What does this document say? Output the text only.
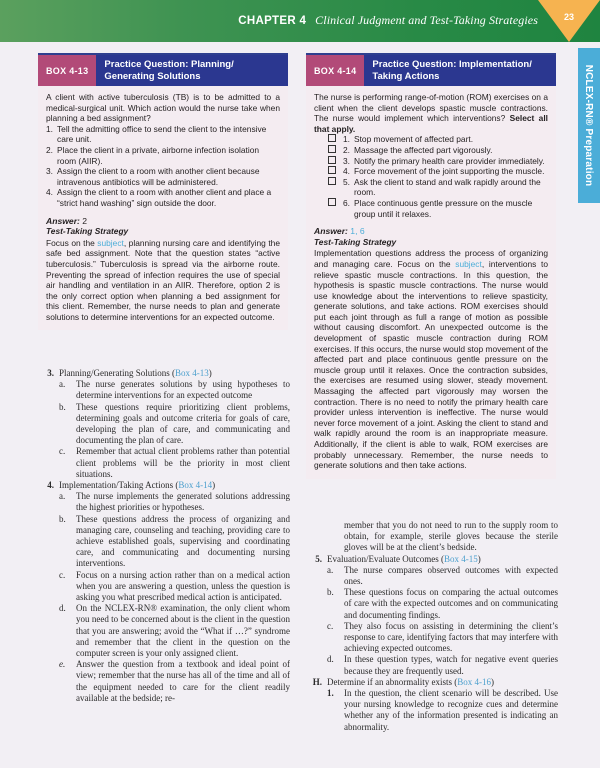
CHAPTER 4 Clinical Judgment and Test-Taking Strategies	23
NCLEX-RN® Preparation
BOX 4-13
Practice Question: Planning/ Generating Solutions

A client with active tuberculosis (TB) is to be admitted to a medical-surgical unit. Which action would the nurse take when planning a bed assignment?

1. Tell the admitting office to send the client to the intensive care unit.
2. Place the client in a private, airborne infection isolation room (AIIR).
3. Assign the client to a room with another client because intravenous antibiotics will be administered.
4. Assign the client to a room with another client and place a “strict hand washing” sign outside the door.
Answer: 2
Test-Taking Strategy

Focus on the subject, planning nursing care and identifying the safe bed assignment. Note that the question states “active tuberculosis.” Tuberculosis is spread via the airborne route. Preventing the spread of infection requires the use of special air handling and ventilation in an AIIR. Therefore, option 2 is the only correct option when planning a bed assignment for this client. Remember, the nurse needs to plan and generate solutions to determine interventions for an expected outcome.

BOX 4-14
Practice Question: Implementation/ Taking Actions

The nurse is performing range-of-motion (ROM) exercises on a client when the client develops spastic muscle contractions. The nurse would implement which interventions? Select all that apply.

1. Stop movement of affected part.
2. Massage the affected part vigorously.
3. Notify the primary health care provider immediately.
4. Force movement of the joint supporting the muscle.
5. Ask the client to stand and walk rapidly around the room.
6. Place continuous gentle pressure on the muscle group until it relaxes.
Answer: 1, 6
Test-Taking Strategy

Implementation questions address the process of organizing and managing care. Focus on the subject, interventions to relieve spastic muscle contractions. In this question, the hypothesis is spastic muscle contractions. The nurse would use knowledge about the interventions to relieve spasticity, generate solutions, and take actions. ROM exercises should put each joint through as full a range of motion as possible without causing discomfort. An unexpected outcome is the development of spastic muscle contraction during ROM exercises. If this occurs, the nurse would stop movement of the affected part and place continuous gentle pressure on the muscle group until it relaxes. Once the contraction subsides, the exercises are resumed using slower, steady movement. Massaging the affected part vigorously may worsen the contraction. There is no need to notify the primary health care provider unless intervention is ineffective. The nurse would never force movement of a joint. Asking the client to stand and walk rapidly around the room is an inappropriate measure. Additionally, if the client is able to walk, ROM exercises are probably unnecessary. Remember, the nurse needs to generate solutions and then take actions.

3. Planning/Generating Solutions (Box 4-13)
a.	The nurse generates solutions by using hypotheses to determine interventions for an expected outcome
b.	These questions require prioritizing client problems, determining goals and outcome criteria for goals of care, developing the plan of care, and communicating and documenting the plan of care.
c.	Remember that actual client problems rather than potential client problems will be the priority in most client situations.
4. Implementation/Taking Actions (Box 4-14)
a.	The nurse implements the generated solutions addressing the highest priorities or hypotheses.
b.	These questions address the process of organizing and managing care, counseling and teaching, providing care to achieve established goals, supervising and coordinating care, and communicating and documenting nursing interventions.
c.	Focus on a nursing action rather than on a medical action when you are answering a question, unless the question is asking you what prescribed medical action is anticipated.
d.	On the NCLEX-RN® examination, the only client whom you need to be concerned about is the client in the question that you are answering; avoid the “What if …?” syndrome and remember that the client in the question on the computer screen is your only assigned client.
e.	Answer the question from a textbook and ideal point of view; remember that the nurse has all of the time and all of the equipment needed to care for the client readily available at the bedside; re-
member that you do not need to run to the supply room to obtain, for example, sterile gloves because the sterile gloves will be at the client’s bedside.
5. Evaluation/Evaluate Outcomes (Box 4-15)
a.	The nurse compares observed outcomes with expected ones.
b.	These questions focus on comparing the actual outcomes of care with the expected outcomes and on communicating and documenting findings.
c.	They also focus on assisting in determining the client’s response to care, identifying factors that may interfere with achieving expected outcomes.
d.	In these question types, watch for negative event queries because they are frequently used.
H. Determine if an abnormality exists (Box 4-16)
1.	In the question, the client scenario will be described. Use your nursing knowledge to recognize cues and determine whether any of the information presented is indicating an abnormality.
